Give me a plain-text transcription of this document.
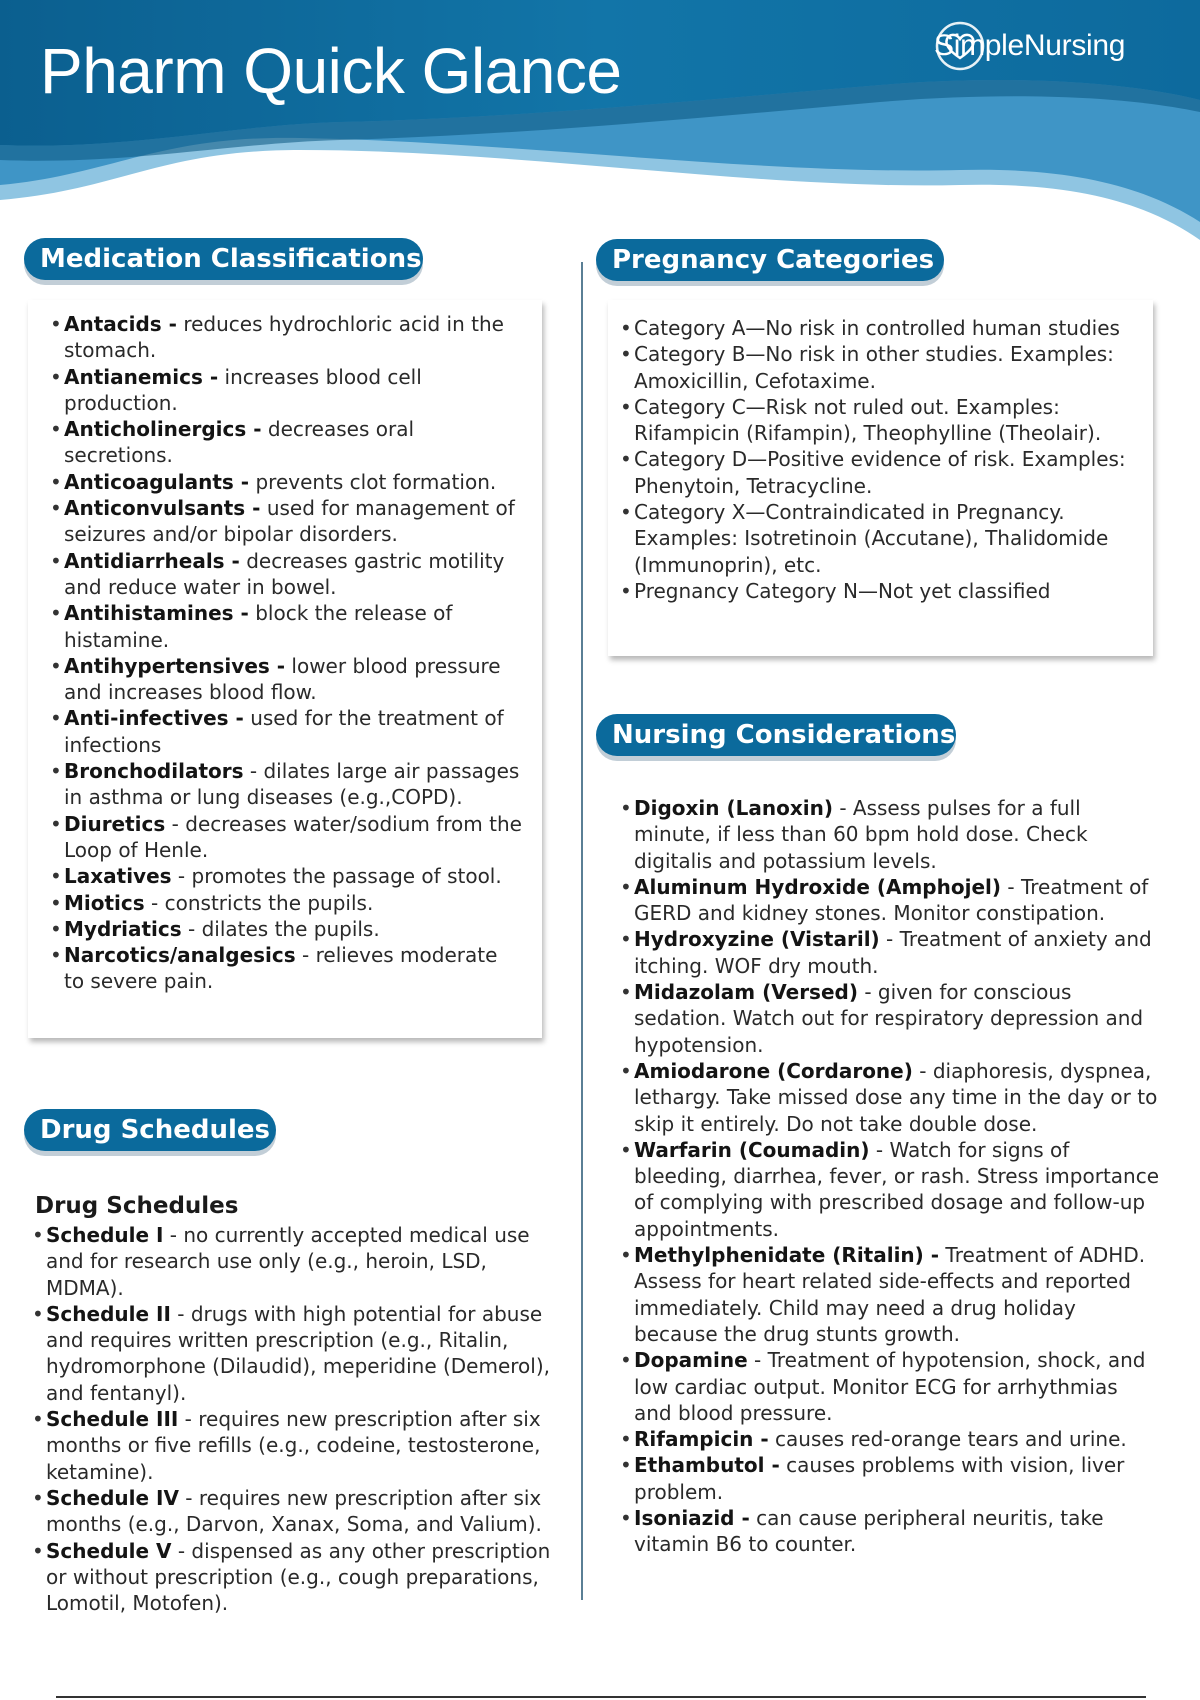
Pharm Quick Glance	SimpleNursing
Medication Classifications
• Antacids - reduces hydrochloric acid in the stomach.
• Antianemics - increases blood cell production.
• Anticholinergics - decreases oral secretions.
• Anticoagulants - prevents clot formation.
• Anticonvulsants - used for management of seizures and/or bipolar disorders.
• Antidiarrheals - decreases gastric motility and reduce water in bowel.
• Antihistamines - block the release of histamine.
• Antihypertensives - lower blood pressure and increases blood flow.
• Anti-infectives - used for the treatment of infections
• Bronchodilators - dilates large air passages in asthma or lung diseases (e.g.,COPD).
• Diuretics - decreases water/sodium from the Loop of Henle.
• Laxatives - promotes the passage of stool.
• Miotics - constricts the pupils.
• Mydriatics - dilates the pupils.
• Narcotics/analgesics - relieves moderate to severe pain.
Drug Schedules
Drug Schedules
• Schedule I - no currently accepted medical use and for research use only (e.g., heroin, LSD, MDMA).
• Schedule II - drugs with high potential for abuse and requires written prescription (e.g., Ritalin, hydromorphone (Dilaudid), meperidine (Demerol), and fentanyl).
• Schedule III - requires new prescription after six months or five refills (e.g., codeine, testosterone, ketamine).
• Schedule IV - requires new prescription after six months (e.g., Darvon, Xanax, Soma, and Valium).
• Schedule V - dispensed as any other prescription or without prescription (e.g., cough preparations, Lomotil, Motofen).
Pregnancy Categories
• Category A—No risk in controlled human studies
• Category B—No risk in other studies. Examples: Amoxicillin, Cefotaxime.
• Category C—Risk not ruled out. Examples: Rifampicin (Rifampin), Theophylline (Theolair).
• Category D—Positive evidence of risk. Examples: Phenytoin, Tetracycline.
• Category X—Contraindicated in Pregnancy. Examples: Isotretinoin (Accutane), Thalidomide (Immunoprin), etc.
• Pregnancy Category N—Not yet classified
Nursing Considerations
• Digoxin (Lanoxin) - Assess pulses for a full minute, if less than 60 bpm hold dose. Check digitalis and potassium levels.
• Aluminum Hydroxide (Amphojel) - Treatment of GERD and kidney stones. Monitor constipation.
• Hydroxyzine (Vistaril) - Treatment of anxiety and itching. WOF dry mouth.
• Midazolam (Versed) - given for conscious sedation. Watch out for respiratory depression and hypotension.
• Amiodarone (Cordarone) - diaphoresis, dyspnea, lethargy. Take missed dose any time in the day or to skip it entirely. Do not take double dose.
• Warfarin (Coumadin) - Watch for signs of bleeding, diarrhea, fever, or rash. Stress importance of complying with prescribed dosage and follow-up appointments.
• Methylphenidate (Ritalin) - Treatment of ADHD. Assess for heart related side-effects and reported immediately. Child may need a drug holiday because the drug stunts growth.
• Dopamine - Treatment of hypotension, shock, and low cardiac output. Monitor ECG for arrhythmias and blood pressure.
• Rifampicin - causes red-orange tears and urine.
• Ethambutol - causes problems with vision, liver problem.
• Isoniazid - can cause peripheral neuritis, take vitamin B6 to counter.
